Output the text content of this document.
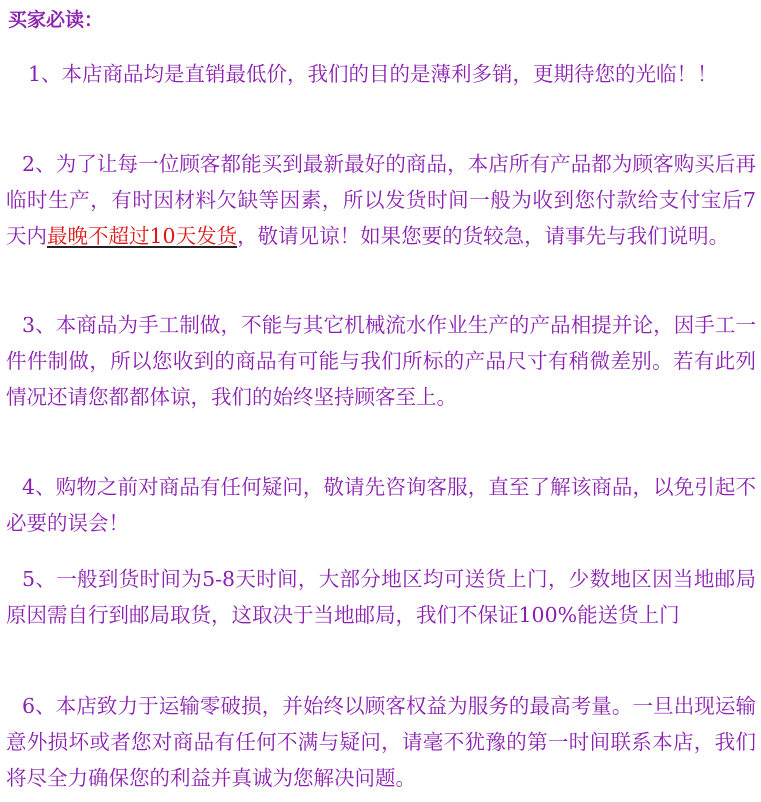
买家必读：

1、本店商品均是直销最低价，我们的目的是薄利多销，更期待您的光临！！

2、为了让每一位顾客都能买到最新最好的商品，本店所有产品都为顾客购买后再临时生产，有时因材料欠缺等因素，所以发货时间一般为收到您付款给支付宝后7天内最晚不超过10天发货，敬请见谅！如果您要的货较急，请事先与我们说明。

3、本商品为手工制做，不能与其它机械流水作业生产的产品相提并论，因手工一件件制做，所以您收到的商品有可能与我们所标的产品尺寸有稍微差别。若有此列情况还请您都都体谅，我们的始终坚持顾客至上。

4、购物之前对商品有任何疑问，敬请先咨询客服，直至了解该商品，以免引起不必要的误会！

5、一般到货时间为5-8天时间，大部分地区均可送货上门，少数地区因当地邮局原因需自行到邮局取货，这取决于当地邮局，我们不保证100%能送货上门

6、本店致力于运输零破损，并始终以顾客权益为服务的最高考量。一旦出现运输意外损坏或者您对商品有任何不满与疑问，请毫不犹豫的第一时间联系本店，我们将尽全力确保您的利益并真诚为您解决问题。
